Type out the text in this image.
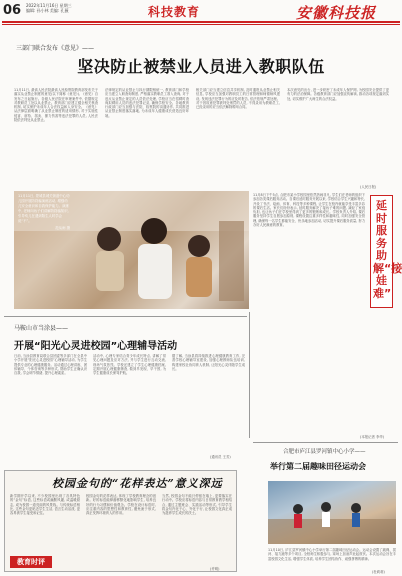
06 2022年11月16日 星期三
编辑: 孙小林 美编: 孔薇	科技教育	安徽科技报
三部门联合发布《意见》——
坚决防止被禁业人员进入教职队伍
11月11日, 最高人民法院最高人民检察院教育部发布关于落实从业禁止制度的意见(以下简称《意见》), 《意见》自发布之日起施行。各级人民法院在审理案件中, 依据规定对教职员工处以从业禁止。教育部门应建立健全相关核查机制, 切实保护未成年人合法权益和人身安全。《意见》从法律层面明确了从业禁止制度的适用情形, 对于实施性侵害、虐待、拐卖、暴力伤害等违法犯罪的人员, 人民法院依法判处从业禁止。
法律规定的从业禁止与执行期限相统一, 教育部门和学校应当建立入职查询制度, 严格落实教职员工准入查询, 对于违反从业禁止规定的人员依法处理, 学校应当在招聘时查询拟聘用人员的违法犯罪记录, 确保学校安全。各地教育行政部门应当加强与法院、检察院的沟通协作, 共同推进从业禁止制度落实落地, 为未成年人健康成长营造良好环境。
相关部门应当建立信息共享机制, 及时通报从业禁止相关信息, 学校应当加强对教职员工的日常管理和师德师风建设, 发现违法犯罪行为的应及时报告, 依法依规严肃处理。对于因故意犯罪被判处刑罚的人员, 不得录用为教职员工, 已经录用的应当依法解除聘用合同。
本次意见的出台, 进一步织密了未成年人保护网, 为校园安全提供了更有力的法治保障。各级教育部门应加强宣传解读, 推动各项规定落到实处, 切实维护广大师生的合法权益。
(人民日报)
11月11日, 蒙城县城关街道中心幼儿园开展防拐骗演练活动, 增强幼儿安全意识和自我保护能力。演练中, 老师向孩子们讲解防拐骗知识, 引导幼儿在遇到陌生人时学会说“不”。
范从雨 摄
11月8日下午5点, 合肥市某小学校园里依然热闹非凡, 学生们在老师的组织下参加各类课后服务活动。自课后延时服务开展以来, 学校结合学生兴趣和特长, 开设了书法、绘画、体育、科技等多种课程, 让学生在校内就能享受丰富多彩的课后生活。家长们纷纷表示, 延时服务解决了接孩子难的问题, 减轻了家庭负担, 也让孩子们在学校里得到了更多的锻炼和成长。学校负责人介绍, 课后服务坚持学生自愿参加原则, 课程设置注重多样性和趣味性, 同时加强安全管理, 确保每一名学生都能安全、快乐地参加活动, 切实提升课后服务质量, 努力办好人民满意的教育。
延时服务助解“接娃难”
(本报记者 李华)
马鞍山市当涂县——
开展“阳光心灵进校园”心理辅导活动
日前, 当涂县教育局联合县团委等多部门在全县中小学开展“阳光心灵进校园”心理辅导活动, 为学生提供专业的心理健康服务。活动通过心理讲座、团体辅导、个体咨询等多种形式, 帮助学生正确认识自我, 学会调节情绪, 提升心理素质。
活动中, 心理专家结合青少年成长特点, 讲解了常见心理问题及应对方法, 并与学生进行互动交流, 现场气氛热烈。学校还建立了学生心理健康档案, 定期开展心理健康筛查, 做到早发现、早干预, 为学生健康成长保驾护航。
据了解, 当涂县将持续推进心理健康教育工作, 完善学校心理辅导室建设, 加强心理教师队伍培训, 构建家校社协同育人机制, 让阳光心灵伴随学生成长。
(通讯员 王芳)
校园金句的“花样表达”意义深远
新学期开学以来, 不少校园里出现了各具特色的“金句”标语, 这些标语或幽默风趣, 或温暖励志, 成为校园一道亮丽的风景线。与传统标语相比, 这些金句更贴近学生生活, 语言生动活泼, 更容易被学生接受和记住。
校园金句的花样表达, 体现了学校教育理念的创新。好的标语能够潜移默化地影响学生, 培养良好的行为习惯和价值观念。学校在设计标语时, 应注重内容的思想性和教育性, 避免流于形式, 真正发挥环境育人的作用。
当然, 校园金句不能只停留在墙上, 更要落实在行动中。学校应将标语内容与日常教育教学相结合, 通过主题班会、实践活动等形式, 引导学生将金句内化于心、外化于行, 让校园文化真正成为滋养学生成长的沃土。
教育时评
(许明)
合肥市庐江县罗河镇中心小学——
举行第二届趣味田径运动会
11月10日, 庐江县罗河镇中心小学举行第二届趣味田径运动会。运动会设置了跳绳、拔河、接力跑等多个项目, 全校师生积极参与, 赛场上加油声此起彼伏。本次运动会旨在丰富校园文化生活, 增强学生体质, 培养学生团结协作、顽强拼搏的精神。
(杜莉莉)
